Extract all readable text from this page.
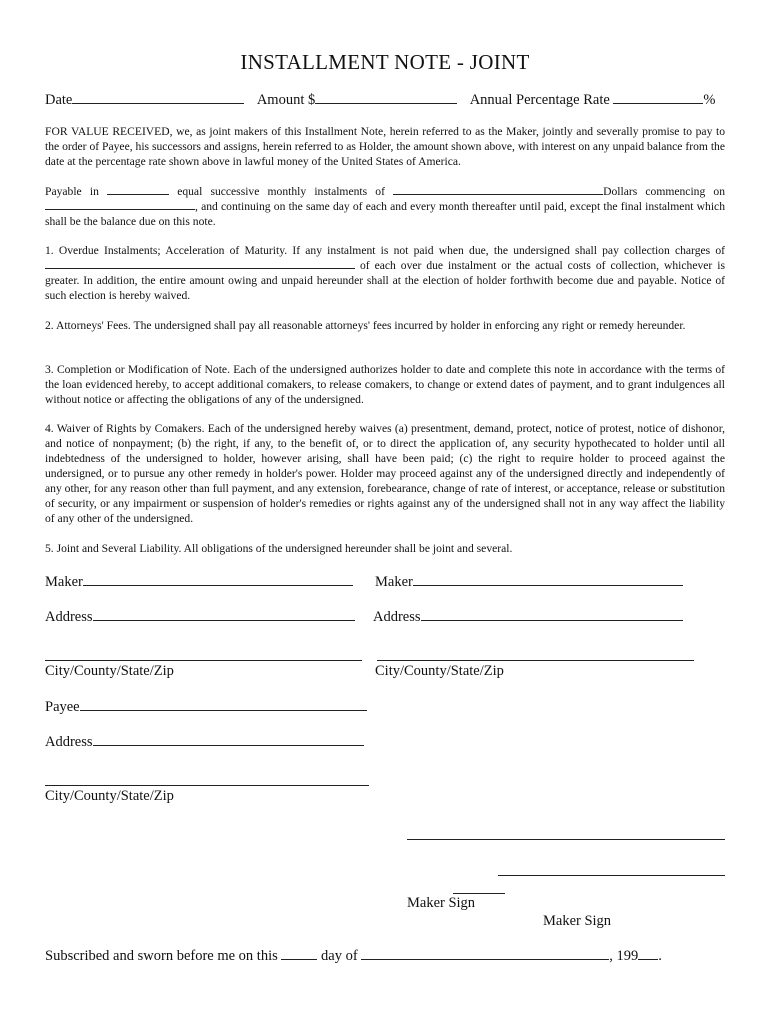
INSTALLMENT NOTE - JOINT
Date	Amount $	Annual Percentage Rate	%
FOR VALUE RECEIVED, we, as joint makers of this Installment Note, herein referred to as the Maker, jointly and severally promise to pay to the order of Payee, his successors and assigns, herein referred to as Holder, the amount shown above, with interest on any unpaid balance from the date at the percentage rate shown above in lawful money of the United States of America.
Payable in	equal successive monthly instalments of	Dollars commencing on , and continuing on the same day of each and every month thereafter until paid, except the final instalment which shall be the balance due on this note.
1. Overdue Instalments; Acceleration of Maturity. If any instalment is not paid when due, the undersigned shall pay collection charges of  of each over due instalment or the actual costs of collection, whichever is greater. In addition, the entire amount owing and unpaid hereunder shall at the election of holder forthwith become due and payable. Notice of such election is hereby waived.
2. Attorneys' Fees. The undersigned shall pay all reasonable attorneys' fees incurred by holder in enforcing any right or remedy hereunder.
3. Completion or Modification of Note. Each of the undersigned authorizes holder to date and complete this note in accordance with the terms of the loan evidenced hereby, to accept additional comakers, to release comakers, to change or extend dates of payment, and to grant indulgences all without notice or affecting the obligations of any of the undersigned.
4. Waiver of Rights by Comakers. Each of the undersigned hereby waives (a) presentment, demand, protect, notice of protest, notice of dishonor, and notice of nonpayment; (b) the right, if any, to the benefit of, or to direct the application of, any security hypothecated to holder until all indebtedness of the undersigned to holder, however arising, shall have been paid; (c) the right to require holder to proceed against the undersigned, or to pursue any other remedy in holder's power. Holder may proceed against any of the undersigned directly and independently of any other, for any reason other than full payment, and any extension, forebearance, change of rate of interest, or acceptance, release or substitution of security, or any impairment or suspension of holder's remedies or rights against any of the undersigned shall not in any way affect the liability of any other of the undersigned.
5. Joint and Several Liability. All obligations of the undersigned hereunder shall be joint and several.
Maker	Maker
Address	Address
City/County/State/Zip	City/County/State/Zip
Payee
Address
City/County/State/Zip
Maker Sign
Maker Sign
Subscribed and sworn before me on this	day of	, 199 .
